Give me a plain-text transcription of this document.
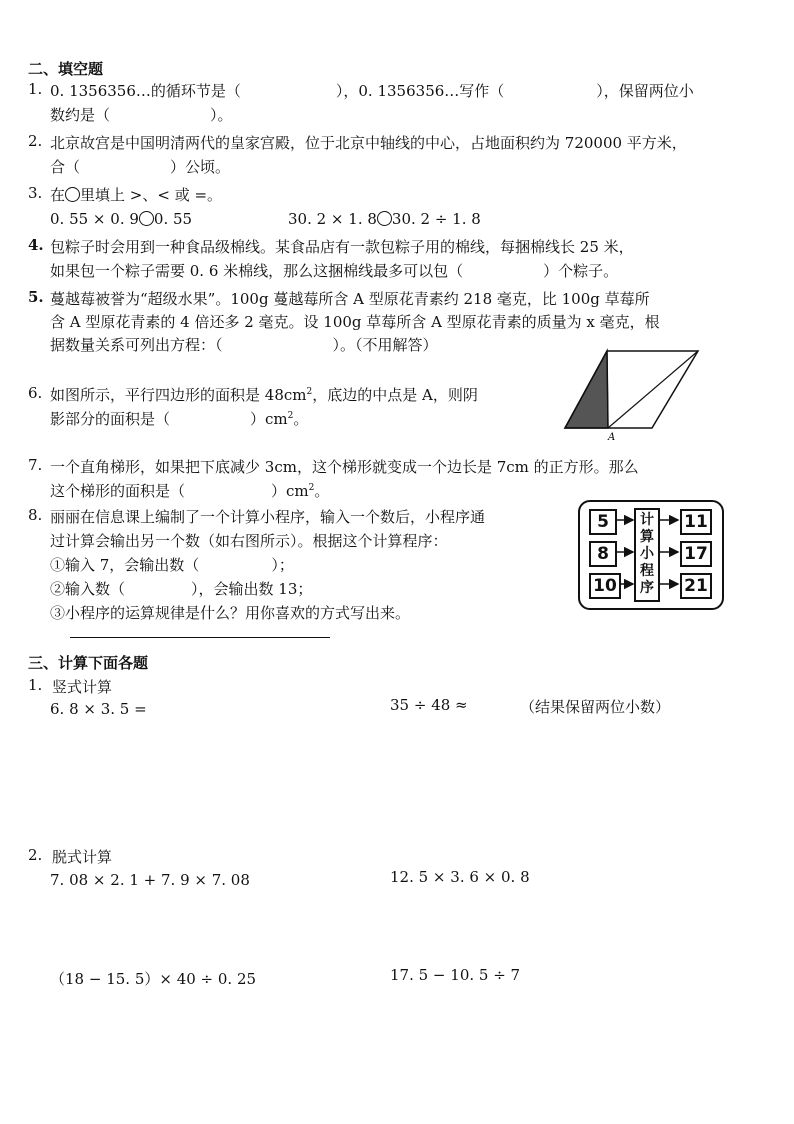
二、填空题
1. 0. 1356356…的循环节是（	），0. 1356356…写作（	），保留两位小
数约是（	）。
2. 北京故宫是中国明清两代的皇家宫殿，位于北京中轴线的中心，占地面积约为 720000 平方米，
合（	）公顷。
3. 在 里填上 >、< 或 =。
0. 55 × 0. 9 0. 55	30. 2 × 1. 8 30. 2 ÷ 1. 8
4. 包粽子时会用到一种食品级棉线。某食品店有一款包粽子用的棉线，每捆棉线长 25 米，
如果包一个粽子需要 0. 6 米棉线，那么这捆棉线最多可以包（	）个粽子。
5. 蔓越莓被誉为“超级水果”。100g 蔓越莓所含 A 型原花青素约 218 毫克，比 100g 草莓所
含 A 型原花青素的 4 倍还多 2 毫克。设 100g 草莓所含 A 型原花青素的质量为 x 毫克，根
据数量关系可列出方程：（	）。（不用解答）
6. 如图所示，平行四边形的面积是 $48cm^2$，底边的中点是 A，则阴
影部分的面积是（	）$cm^2$。
A
7. 一个直角梯形，如果把下底减少 3cm，这个梯形就变成一个边长是 7cm 的正方形。那么
这个梯形的面积是（	）$cm^2$。
8. 丽丽在信息课上编制了一个计算小程序，输入一个数后，小程序通
过计算会输出另一个数（如右图所示）。根据这个计算程序：
①输入 7，会输出数（	）；
②输入数（	），会输出数 13；
③小程序的运算规律是什么？用你喜欢的方式写出来。
5
8
10
计算小程序
11
17
21
三、计算下面各题
1. 竖式计算
6. 8 × 3. 5 =	35 ÷ 48 ≈	（结果保留两位小数）
2. 脱式计算
7. 08 × 2. 1 + 7. 9 × 7. 08	12. 5 × 3. 6 × 0. 8
（18 − 15. 5）× 40 ÷ 0. 25	17. 5 − 10. 5 ÷ 7
